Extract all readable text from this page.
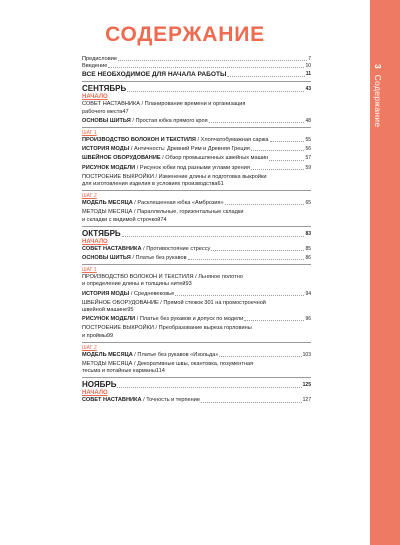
3 Содержание
СОДЕРЖАНИЕ
Предисловие	7
Введение	10
ВСЕ НЕОБХОДИМОЕ ДЛЯ НАЧАЛА РАБОТЫ	11
СЕНТЯБРЬ	43
НАЧАЛО
СОВЕТ НАСТАВНИКА / Планирование времени и организация
рабочего места 47
ОСНОВЫ ШИТЬЯ / Простая юбка прямого кроя	48
ШАГ 1
ПРОИЗВОДСТВО ВОЛОКОН И ТЕКСТИЛЯ / Хлопчатобумажная саржа	55
ИСТОРИЯ МОДЫ / Античность: Древний Рим и Древняя Греция	56
ШВЕЙНОЕ ОБОРУДОВАНИЕ / Обзор промышленных швейных машин	57
РИСУНОК МОДЕЛИ / Рисунок юбки под разными углами зрения	59
ПОСТРОЕНИЕ ВЫКРОЙКИ / Изменение длины и подготовка выкройки
для изготовления изделия в условиях производства 61
ШАГ 2
МОДЕЛЬ МЕСЯЦА / Расклешенная юбка «Амброзия»	65
МЕТОДЫ МЕСЯЦА / Параллельные, горизонтальные складки
и складки с видимой строчкой 74
ОКТЯБРЬ	83
НАЧАЛО
СОВЕТ НАСТАВНИКА / Противостояние стрессу	85
ОСНОВЫ ШИТЬЯ / Платье без рукавов	86
ШАГ 1
ПРОИЗВОДСТВО ВОЛОКОН И ТЕКСТИЛЯ / Льняное полотно
и определение длины и толщины нитей 93
ИСТОРИЯ МОДЫ / Средневековье	94
ШВЕЙНОЕ ОБОРУДОВАНИЕ / Прямой стежок 301 на промостроечной
швейной машине 95
РИСУНОК МОДЕЛИ / Платье без рукавов и допуск по модели	96
ПОСТРОЕНИЕ ВЫКРОЙКИ / Преобразование выреза горловины
и проймы 99
ШАГ 2
МОДЕЛЬ МЕСЯЦА / Платье без рукавов «Изольда»	103
МЕТОДЫ МЕСЯЦА / Декоративные швы, окантовка, позументная
тесьма и потайные карманы 114
НОЯБРЬ	125
НАЧАЛО
СОВЕТ НАСТАВНИКА / Точность и терпение	127
